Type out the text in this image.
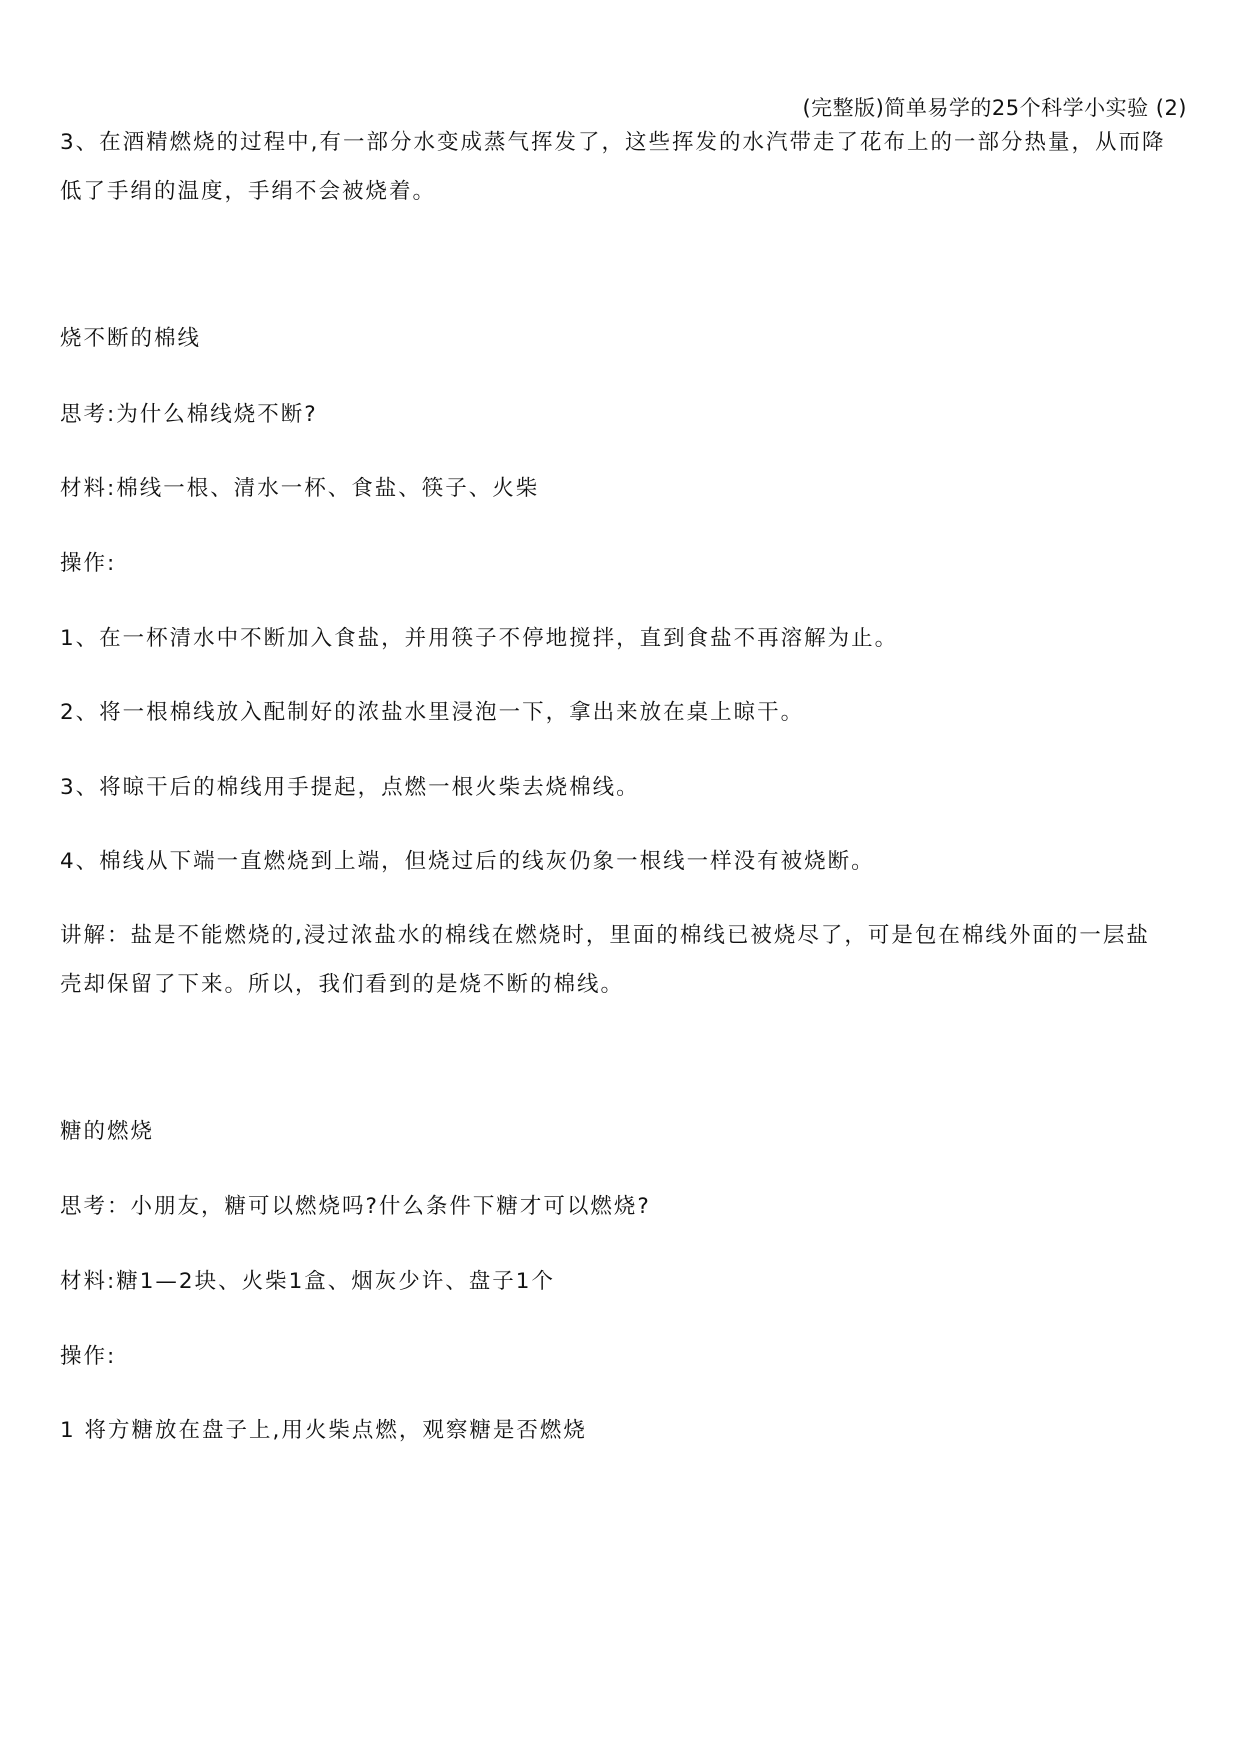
(完整版)简单易学的25个科学小实验 (2)
3、在酒精燃烧的过程中,有一部分水变成蒸气挥发了，这些挥发的水汽带走了花布上的一部分热量，从而降
低了手绢的温度，手绢不会被烧着。
烧不断的棉线
思考:为什么棉线烧不断?
材料:棉线一根、清水一杯、食盐、筷子、火柴
操作:
1、在一杯清水中不断加入食盐，并用筷子不停地搅拌，直到食盐不再溶解为止。
2、将一根棉线放入配制好的浓盐水里浸泡一下，拿出来放在桌上晾干。
3、将晾干后的棉线用手提起，点燃一根火柴去烧棉线。
4、棉线从下端一直燃烧到上端，但烧过后的线灰仍象一根线一样没有被烧断。
讲解：盐是不能燃烧的,浸过浓盐水的棉线在燃烧时，里面的棉线已被烧尽了，可是包在棉线外面的一层盐
壳却保留了下来。所以，我们看到的是烧不断的棉线。
糖的燃烧
思考：小朋友，糖可以燃烧吗?什么条件下糖才可以燃烧?
材料:糖1—2块、火柴1盒、烟灰少许、盘子1个
操作:
1 将方糖放在盘子上,用火柴点燃，观察糖是否燃烧
